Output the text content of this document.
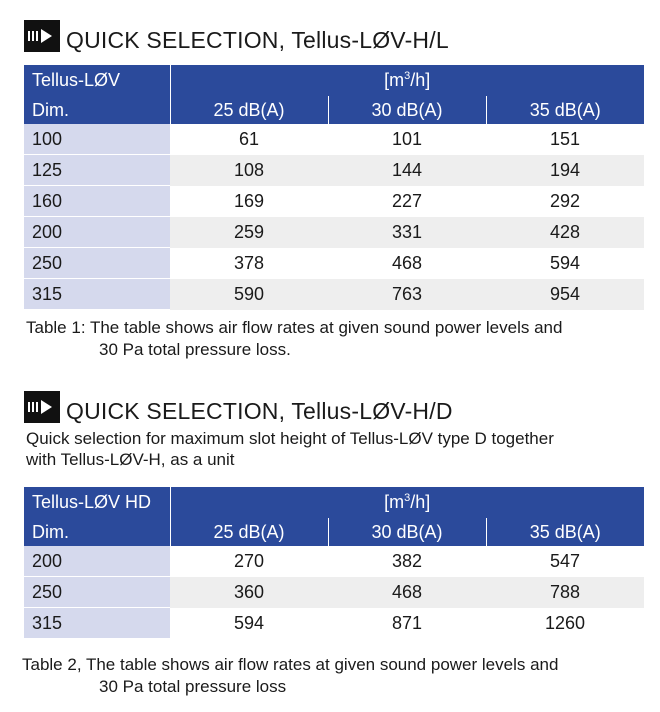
QUICK SELECTION, Tellus-LØV-H/L
Tellus-LØV	$[m^3/h]$		
Dim.	25 dB(A)	30 dB(A)	35 dB(A)
100	61	101	151
125	108	144	194
160	169	227	292
200	259	331	428
250	378	468	594
315	590	763	954
Table 1: The table shows air flow rates at given sound power levels and
30 Pa total pressure loss.
QUICK SELECTION, Tellus-LØV-H/D
Quick selection for maximum slot height of Tellus-LØV type D together
with Tellus-LØV-H, as a unit
Tellus-LØV HD	$[m^3/h]$		
Dim.	25 dB(A)	30 dB(A)	35 dB(A)
200	270	382	547
250	360	468	788
315	594	871	1260
Table 2, The table shows air flow rates at given sound power levels and
30 Pa total pressure loss
